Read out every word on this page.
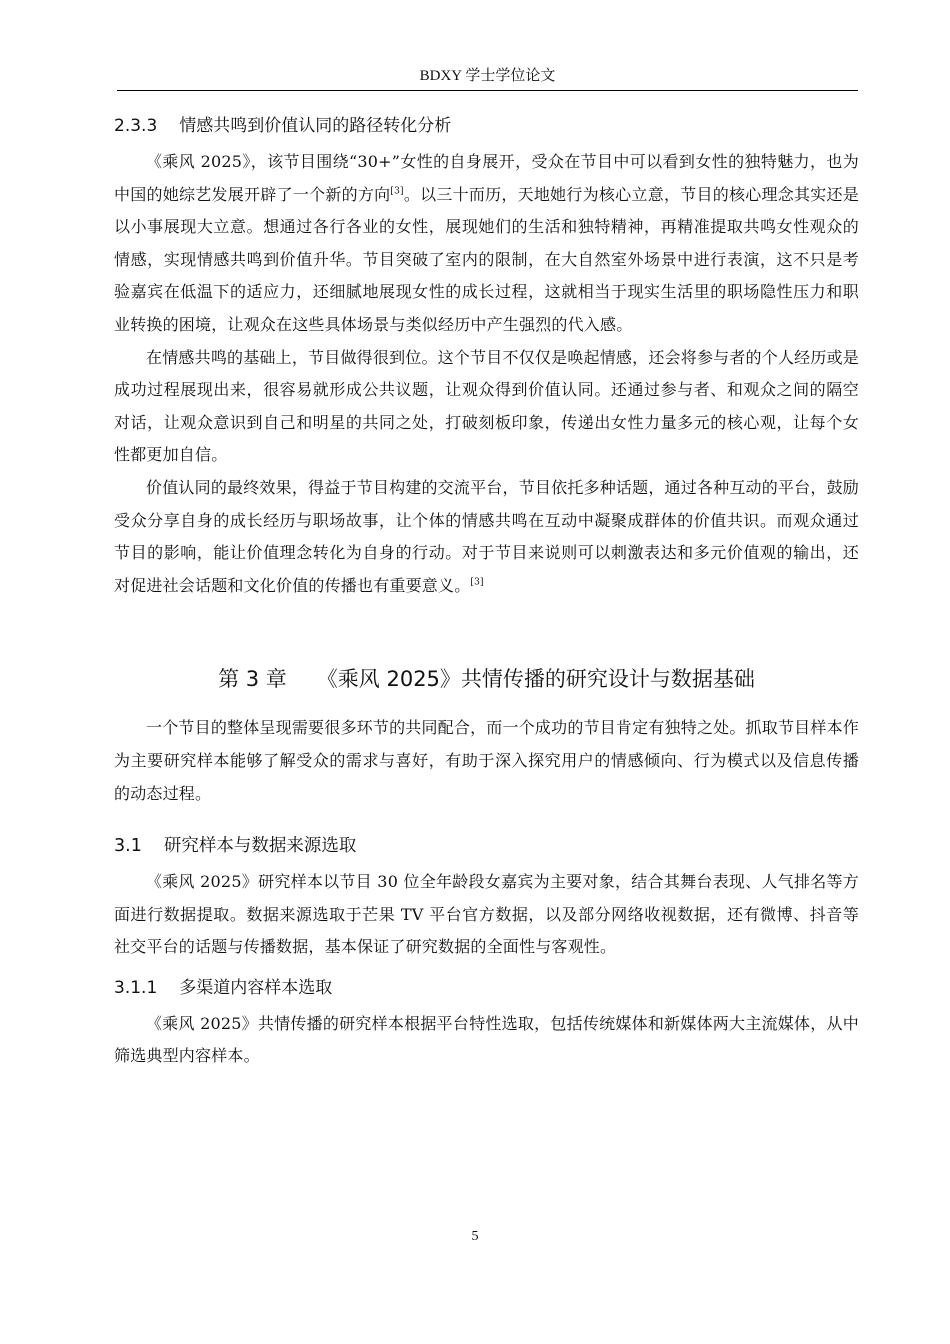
BDXY 学士学位论文
2.3.3 情感共鸣到价值认同的路径转化分析

《乘风 2025》，该节目围绕“30+”女性的自身展开，受众在节目中可以看到女性的独特魅力，也为中国的她综艺发展开辟了一个新的方向[3]。以三十而历，天地她行为核心立意，节目的核心理念其实还是以小事展现大立意。想通过各行各业的女性，展现她们的生活和独特精神，再精准提取共鸣女性观众的情感，实现情感共鸣到价值升华。节目突破了室内的限制，在大自然室外场景中进行表演，这不只是考验嘉宾在低温下的适应力，还细腻地展现女性的成长过程，这就相当于现实生活里的职场隐性压力和职业转换的困境，让观众在这些具体场景与类似经历中产生强烈的代入感。

在情感共鸣的基础上，节目做得很到位。这个节目不仅仅是唤起情感，还会将参与者的个人经历或是成功过程展现出来，很容易就形成公共议题，让观众得到价值认同。还通过参与者、和观众之间的隔空对话，让观众意识到自己和明星的共同之处，打破刻板印象，传递出女性力量多元的核心观，让每个女性都更加自信。

价值认同的最终效果，得益于节目构建的交流平台，节目依托多种话题，通过各种互动的平台，鼓励受众分享自身的成长经历与职场故事，让个体的情感共鸣在互动中凝聚成群体的价值共识。而观众通过节目的影响，能让价值理念转化为自身的行动。对于节目来说则可以刺激表达和多元价值观的输出，还对促进社会话题和文化价值的传播也有重要意义。[3]

第 3 章 《乘风 2025》共情传播的研究设计与数据基础

一个节目的整体呈现需要很多环节的共同配合，而一个成功的节目肯定有独特之处。抓取节目样本作为主要研究样本能够了解受众的需求与喜好，有助于深入探究用户的情感倾向、行为模式以及信息传播的动态过程。

3.1 研究样本与数据来源选取

《乘风 2025》研究样本以节目 30 位全年龄段女嘉宾为主要对象，结合其舞台表现、人气排名等方面进行数据提取。数据来源选取于芒果 TV 平台官方数据，以及部分网络收视数据，还有微博、抖音等社交平台的话题与传播数据，基本保证了研究数据的全面性与客观性。

3.1.1 多渠道内容样本选取

《乘风 2025》共情传播的研究样本根据平台特性选取，包括传统媒体和新媒体两大主流媒体，从中筛选典型内容样本。

5
